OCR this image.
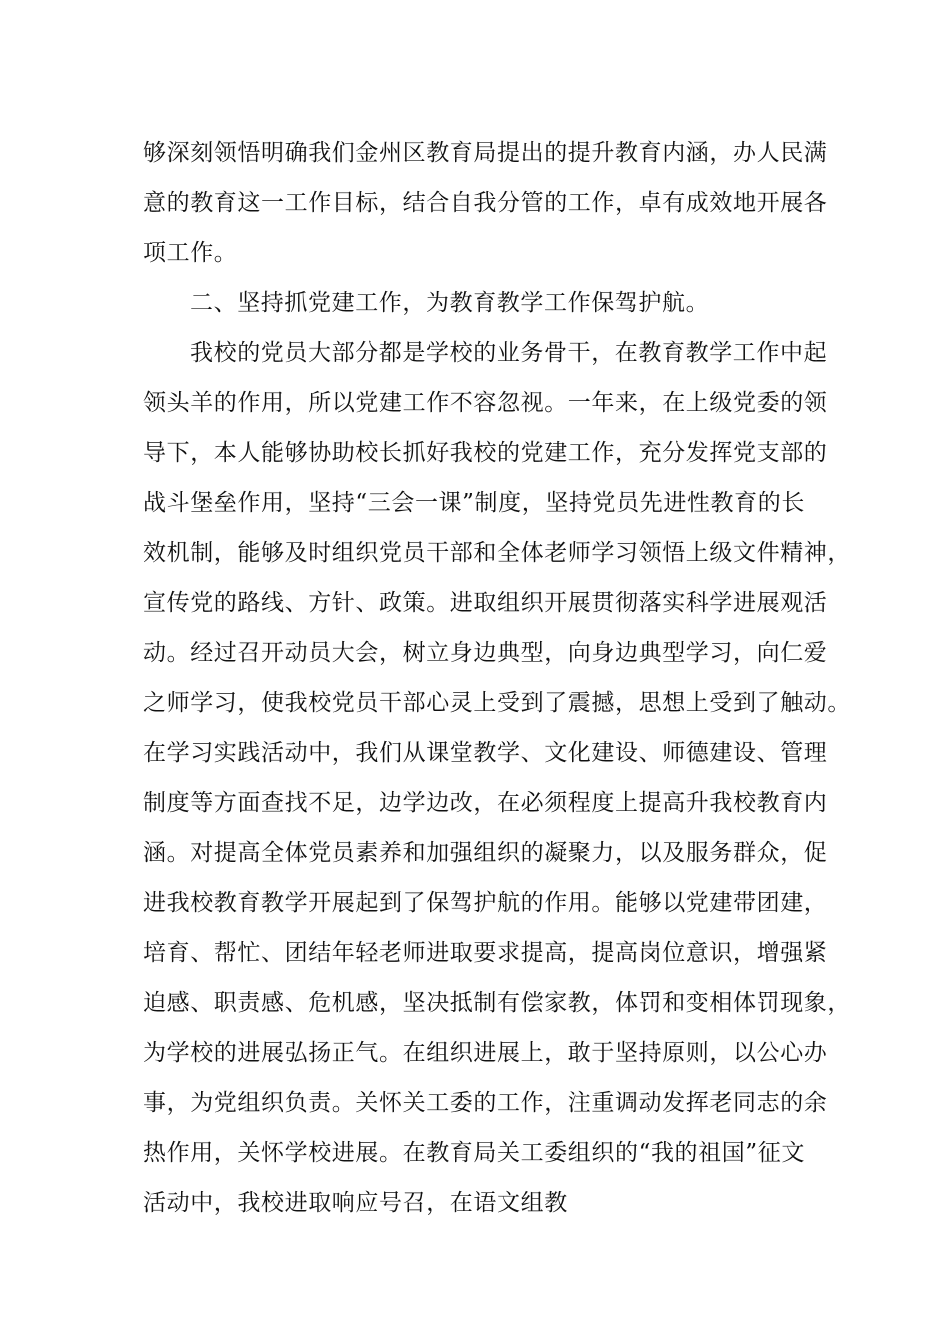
够深刻领悟明确我们金州区教育局提出的提升教育内涵，办人民满
意的教育这一工作目标，结合自我分管的工作，卓有成效地开展各
项工作。
二、坚持抓党建工作，为教育教学工作保驾护航。
我校的党员大部分都是学校的业务骨干，在教育教学工作中起
领头羊的作用，所以党建工作不容忽视。一年来，在上级党委的领
导下，本人能够协助校长抓好我校的党建工作，充分发挥党支部的
战斗堡垒作用，坚持“三会一课”制度，坚持党员先进性教育的长
效机制，能够及时组织党员干部和全体老师学习领悟上级文件精神，
宣传党的路线、方针、政策。进取组织开展贯彻落实科学进展观活
动。经过召开动员大会，树立身边典型，向身边典型学习，向仁爱
之师学习，使我校党员干部心灵上受到了震撼，思想上受到了触动。
在学习实践活动中，我们从课堂教学、文化建设、师德建设、管理
制度等方面查找不足，边学边改，在必须程度上提高升我校教育内
涵。对提高全体党员素养和加强组织的凝聚力，以及服务群众，促
进我校教育教学开展起到了保驾护航的作用。能够以党建带团建，
培育、帮忙、团结年轻老师进取要求提高，提高岗位意识，增强紧
迫感、职责感、危机感，坚决抵制有偿家教，体罚和变相体罚现象，
为学校的进展弘扬正气。在组织进展上，敢于坚持原则，以公心办
事，为党组织负责。关怀关工委的工作，注重调动发挥老同志的余
热作用，关怀学校进展。在教育局关工委组织的“我的祖国”征文
活动中，我校进取响应号召，在语文组教
